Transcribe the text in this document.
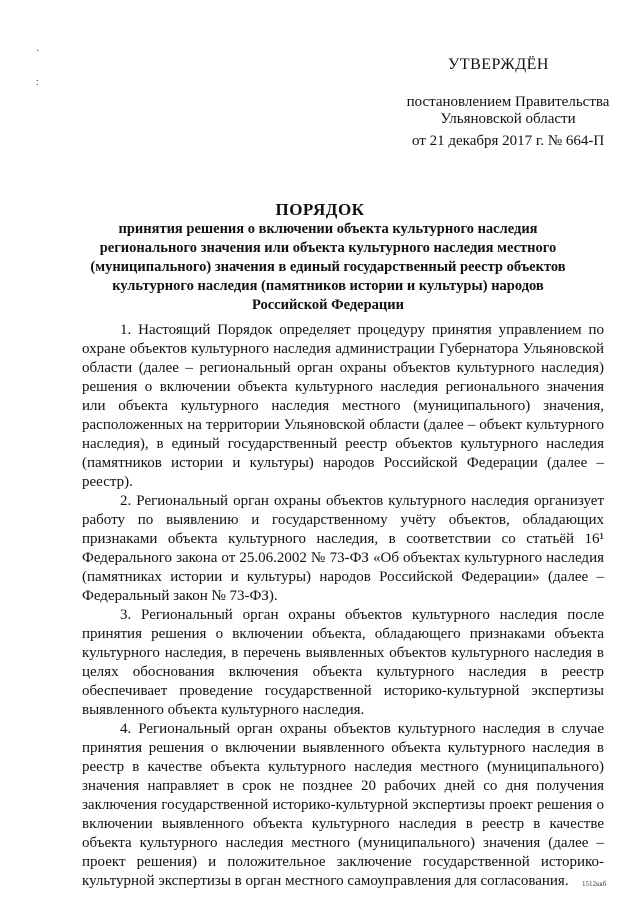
·
∶
УТВЕРЖДЁН
постановлением Правительства Ульяновской области
от 21 декабря 2017 г. № 664-П
ПОРЯДОК
принятия решения о включении объекта культурного наследия регионального значения или объекта культурного наследия местного (муниципального) значения в единый государственный реестр объектов культурного наследия (памятников истории и культуры) народов Российской Федерации

1. Настоящий Порядок определяет процедуру принятия управлением по охране объектов культурного наследия администрации Губернатора Ульяновской области (далее – региональный орган охраны объектов культурного наследия) решения о включении объекта культурного наследия регионального значения или объекта культурного наследия местного (муниципального) значения, расположенных на территории Ульяновской области (далее – объект культурного наследия), в единый государственный реестр объектов культурного наследия (памятников истории и культуры) народов Российской Федерации (далее – реестр).

2. Региональный орган охраны объектов культурного наследия организует работу по выявлению и государственному учёту объектов, обладающих признаками объекта культурного наследия, в соответствии со статьёй 16¹ Федерального закона от 25.06.2002 № 73-ФЗ «Об объектах культурного наследия (памятниках истории и культуры) народов Российской Федерации» (далее – Федеральный закон № 73-ФЗ).

3. Региональный орган охраны объектов культурного наследия после принятия решения о включении объекта, обладающего признаками объекта культурного наследия, в перечень выявленных объектов культурного наследия в целях обоснования включения объекта культурного наследия в реестр обеспечивает проведение государственной историко-культурной экспертизы выявленного объекта культурного наследия.

4. Региональный орган охраны объектов культурного наследия в случае принятия решения о включении выявленного объекта культурного наследия в реестр в качестве объекта культурного наследия местного (муниципального) значения направляет в срок не позднее 20 рабочих дней со дня получения заключения государственной историко-культурной экспертизы проект решения о включении выявленного объекта культурного наследия в реестр в качестве объекта культурного наследия местного (муниципального) значения (далее – проект решения) и положительное заключение государственной историко-культурной экспертизы в орган местного самоуправления для согласования.	1512ккб
